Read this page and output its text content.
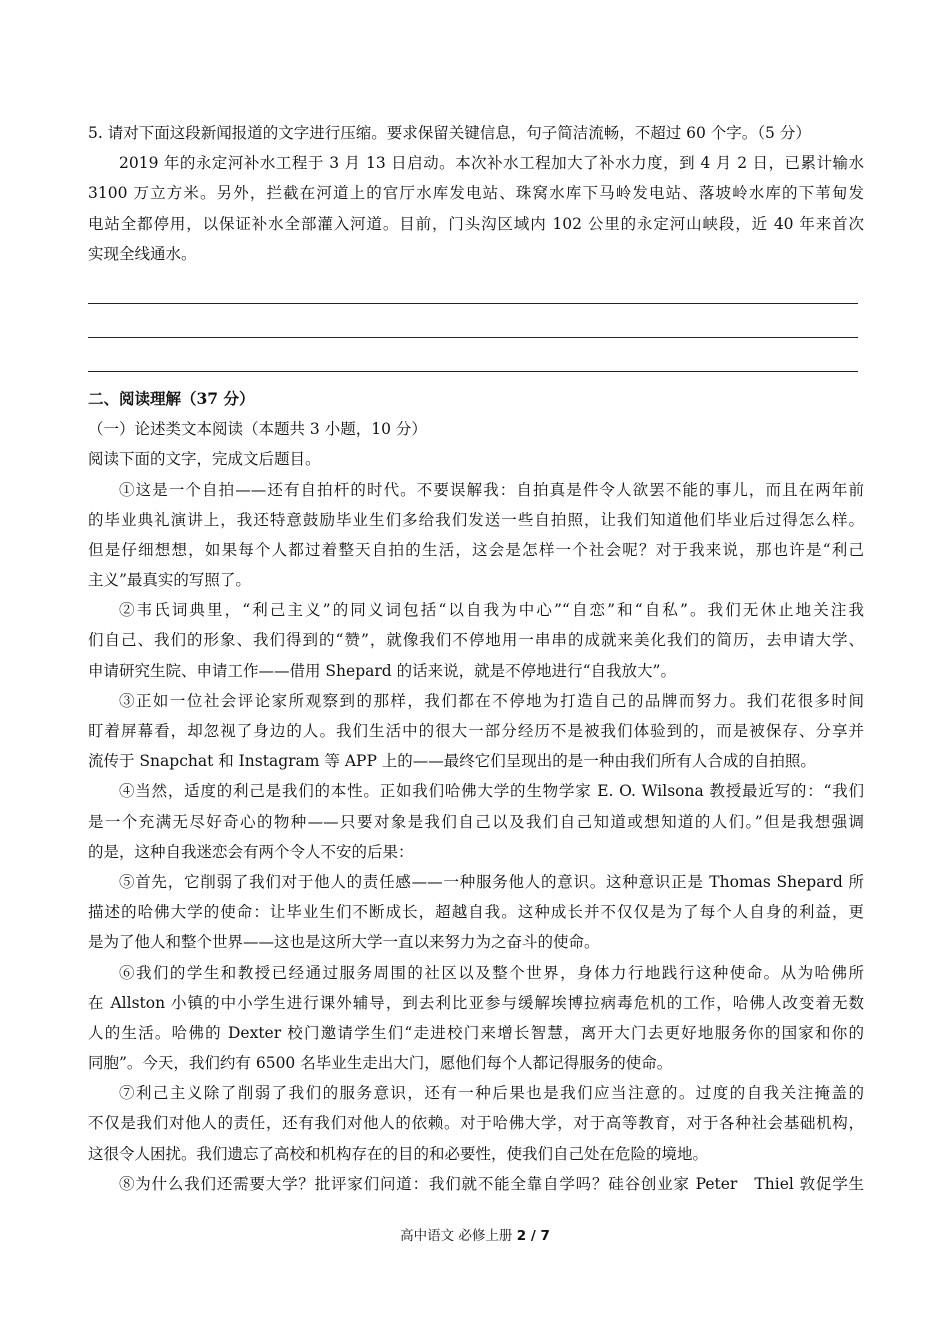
5. 请对下面这段新闻报道的文字进行压缩。要求保留关键信息，句子简洁流畅，不超过 60 个字。（5 分）
2019 年的永定河补水工程于 3 月 13 日启动。本次补水工程加大了补水力度，到 4 月 2 日，已累计输水
3100 万立方米。另外，拦截在河道上的官厅水库发电站、珠窝水库下马岭发电站、落坡岭水库的下苇甸发
电站全都停用，以保证补水全部灌入河道。目前，门头沟区域内 102 公里的永定河山峡段，近 40 年来首次
实现全线通水。
二、阅读理解（37 分）
（一）论述类文本阅读（本题共 3 小题，10 分）
阅读下面的文字，完成文后题目。
①这是一个自拍——还有自拍杆的时代。不要误解我：自拍真是件令人欲罢不能的事儿，而且在两年前
的毕业典礼演讲上，我还特意鼓励毕业生们多给我们发送一些自拍照，让我们知道他们毕业后过得怎么样。
但是仔细想想，如果每个人都过着整天自拍的生活，这会是怎样一个社会呢？对于我来说，那也许是“利己
主义”最真实的写照了。
②韦氏词典里，“利己主义”的同义词包括“以自我为中心”“自恋”和“自私”。我们无休止地关注我
们自己、我们的形象、我们得到的“赞”，就像我们不停地用一串串的成就来美化我们的简历，去申请大学、
申请研究生院、申请工作——借用 Shepard 的话来说，就是不停地进行“自我放大”。
③正如一位社会评论家所观察到的那样，我们都在不停地为打造自己的品牌而努力。我们花很多时间
盯着屏幕看，却忽视了身边的人。我们生活中的很大一部分经历不是被我们体验到的，而是被保存、分享并
流传于 Snapchat 和 Instagram 等 APP 上的——最终它们呈现出的是一种由我们所有人合成的自拍照。
④当然，适度的利己是我们的本性。正如我们哈佛大学的生物学家 E. O. Wilsona 教授最近写的：“我们
是一个充满无尽好奇心的物种——只要对象是我们自己以及我们自己知道或想知道的人们。”但是我想强调
的是，这种自我迷恋会有两个令人不安的后果：
⑤首先，它削弱了我们对于他人的责任感——一种服务他人的意识。这种意识正是 Thomas Shepard 所
描述的哈佛大学的使命：让毕业生们不断成长，超越自我。这种成长并不仅仅是为了每个人自身的利益，更
是为了他人和整个世界——这也是这所大学一直以来努力为之奋斗的使命。
⑥我们的学生和教授已经通过服务周围的社区以及整个世界，身体力行地践行这种使命。从为哈佛所
在 Allston 小镇的中小学生进行课外辅导，到去利比亚参与缓解埃博拉病毒危机的工作，哈佛人改变着无数
人的生活。哈佛的 Dexter 校门邀请学生们“走进校门来增长智慧，离开大门去更好地服务你的国家和你的
同胞”。今天，我们约有 6500 名毕业生走出大门，愿他们每个人都记得服务的使命。
⑦利己主义除了削弱了我们的服务意识，还有一种后果也是我们应当注意的。过度的自我关注掩盖的
不仅是我们对他人的责任，还有我们对他人的依赖。对于哈佛大学，对于高等教育，对于各种社会基础机构，
这很令人困扰。我们遗忘了高校和机构存在的目的和必要性，使我们自己处在危险的境地。
⑧为什么我们还需要大学？批评家们问道：我们就不能全靠自学吗？硅谷创业家 Peter　Thiel 敦促学生
高中语文 必修上册 2 / 7
